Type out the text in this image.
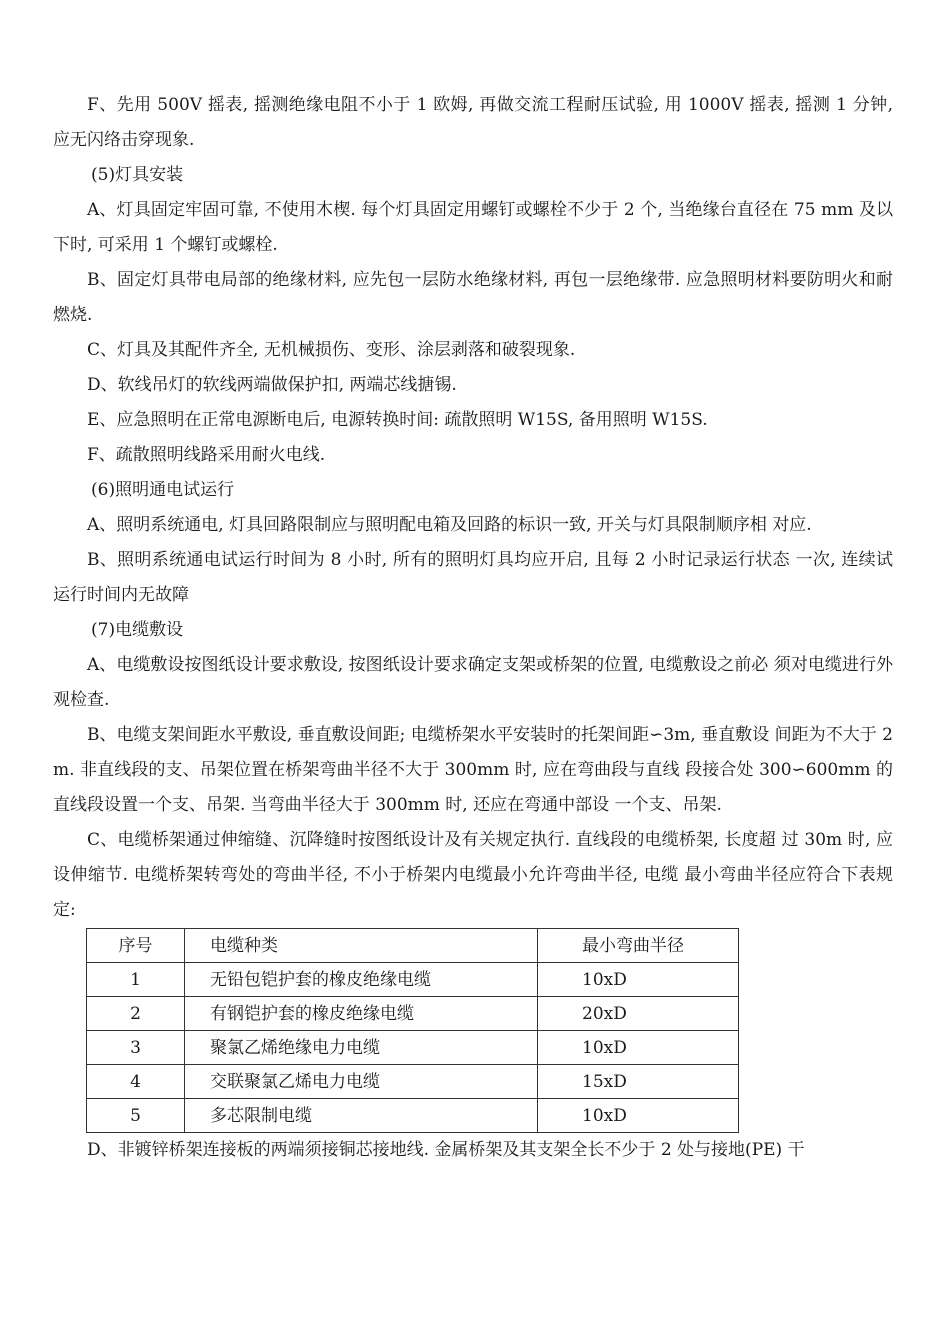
F、先用 500V 摇表, 摇测绝缘电阻不小于 1 欧姆, 再做交流工程耐压试验, 用 1000V 摇表, 摇测 1 分钟, 应无闪络击穿现象.

(5)灯具安装

A、灯具固定牢固可靠, 不使用木楔. 每个灯具固定用螺钉或螺栓不少于 2 个, 当绝缘台直径在 75 mm 及以下时, 可采用 1 个螺钉或螺栓.

B、固定灯具带电局部的绝缘材料, 应先包一层防水绝缘材料, 再包一层绝缘带. 应急照明材料要防明火和耐燃烧.

C、灯具及其配件齐全, 无机械损伤、变形、涂层剥落和破裂现象.

D、软线吊灯的软线两端做保护扣, 两端芯线搪锡.

E、应急照明在正常电源断电后, 电源转换时间: 疏散照明 W15S, 备用照明 W15S.

F、疏散照明线路采用耐火电线.

(6)照明通电试运行

A、照明系统通电, 灯具回路限制应与照明配电箱及回路的标识一致, 开关与灯具限制顺序相 对应.

B、照明系统通电试运行时间为 8 小时, 所有的照明灯具均应开启, 且每 2 小时记录运行状态 一次, 连续试运行时间内无故障

(7)电缆敷设

A、电缆敷设按图纸设计要求敷设, 按图纸设计要求确定支架或桥架的位置, 电缆敷设之前必 须对电缆进行外观检查.

B、电缆支架间距水平敷设, 垂直敷设间距; 电缆桥架水平安装时的托架间距∽3m, 垂直敷设 间距为不大于 2m. 非直线段的支、吊架位置在桥架弯曲半径不大于 300mm 时, 应在弯曲段与直线 段接合处 300∽600mm 的直线段设置一个支、吊架. 当弯曲半径大于 300mm 时, 还应在弯通中部设 一个支、吊架.

C、电缆桥架通过伸缩缝、沉降缝时按图纸设计及有关规定执行. 直线段的电缆桥架, 长度超 过 30m 时, 应设伸缩节. 电缆桥架转弯处的弯曲半径, 不小于桥架内电缆最小允许弯曲半径, 电缆 最小弯曲半径应符合下表规定:

序号	电缆种类	最小弯曲半径
1	无铅包铠护套的橡皮绝缘电缆	10xD
2	有钢铠护套的橡皮绝缘电缆	20xD
3	聚氯乙烯绝缘电力电缆	10xD
4	交联聚氯乙烯电力电缆	15xD
5	多芯限制电缆	10xD

D、非镀锌桥架连接板的两端须接铜芯接地线. 金属桥架及其支架全长不少于 2 处与接地(PE) 干
